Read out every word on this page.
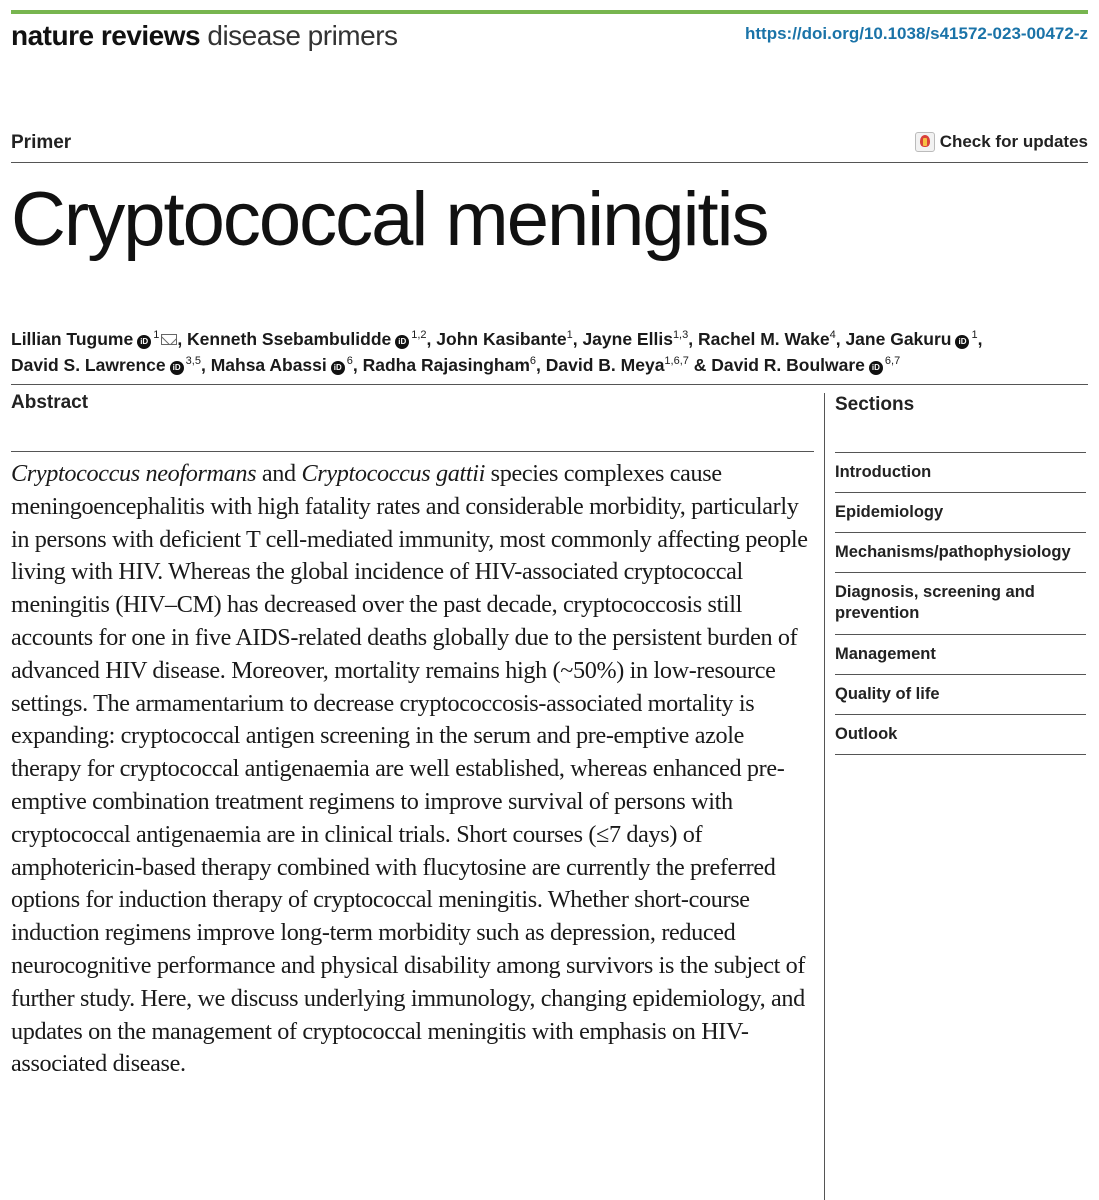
nature reviews disease primers	https://doi.org/10.1038/s41572-023-00472-z
Primer	Check for updates
Cryptococcal meningitis
Lillian Tugume $iD^1$ , Kenneth Ssebambulidde iD$^{1,2}$, John Kasibante$^1$, Jayne Ellis$^{1,3}$, Rachel M. Wake$^4$, Jane Gakuru $iD^1$,
David S. Lawrence iD$^{3,5}$, Mahsa Abassi $iD^6$, Radha Rajasingham$^6$, David B. Meya$^{1,6,7}$ & David R. Boulware iD$^{6,7}$
Abstract

Cryptococcus neoformans and Cryptococcus gattii species complexes cause meningoencephalitis with high fatality rates and considerable morbidity, particularly in persons with deficient T cell-mediated immunity, most commonly affecting people living with HIV. Whereas the global incidence of HIV-associated cryptococcal meningitis (HIV–CM) has decreased over the past decade, cryptococcosis still accounts for one in five AIDS-related deaths globally due to the persistent burden of advanced HIV disease. Moreover, mortality remains high (~50%) in low-resource settings. The armamentarium to decrease cryptococcosis-associated mortality is expanding: cryptococcal antigen screening in the serum and pre-emptive azole therapy for cryptococcal antigenaemia are well established, whereas enhanced pre-emptive combination treatment regimens to improve survival of persons with cryptococcal antigenaemia are in clinical trials. Short courses (≤7 days) of amphotericin-based therapy combined with flucytosine are currently the preferred options for induction therapy of cryptococcal meningitis. Whether short-course induction regimens improve long-term morbidity such as depression, reduced neurocognitive performance and physical disability among survivors is the subject of further study. Here, we discuss underlying immunology, changing epidemiology, and updates on the management of cryptococcal meningitis with emphasis on HIV-associated disease.

Sections
Introduction
Epidemiology
Mechanisms/pathophysiology
Diagnosis, screening and prevention
Management
Quality of life
Outlook
